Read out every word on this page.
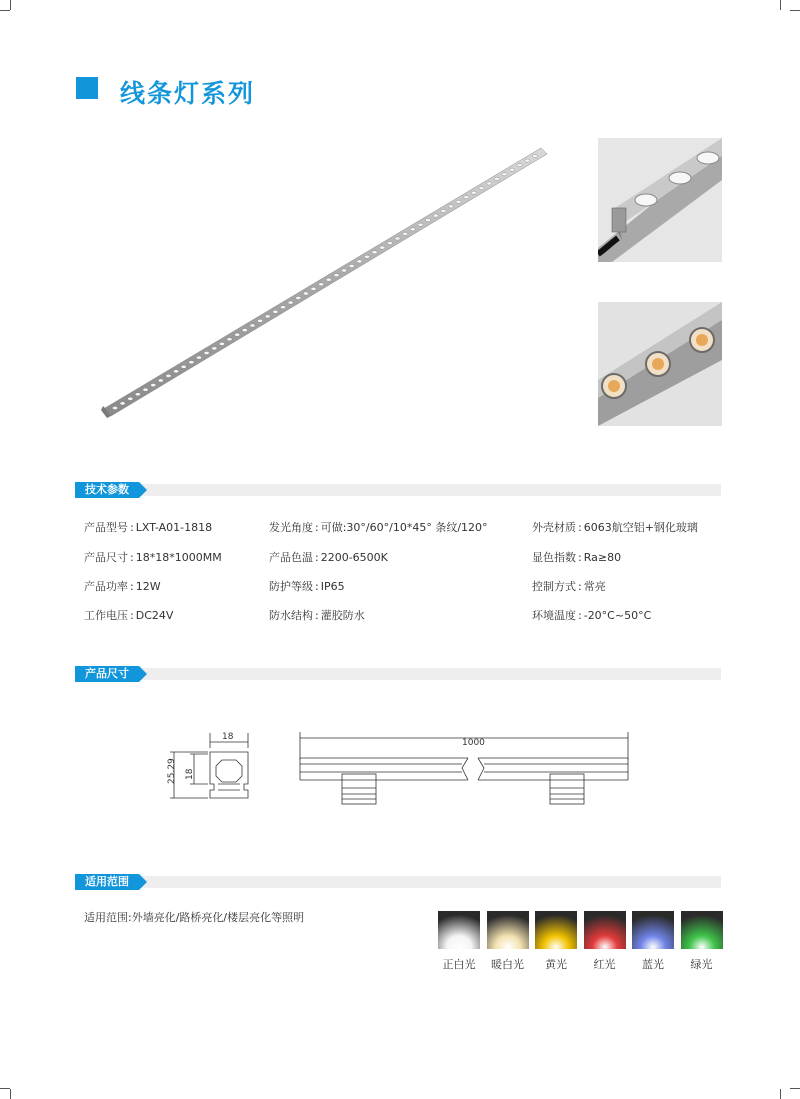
线条灯系列
技术参数
产品型号 : LXT-A01-1818	发光角度 : 可做:30°/60°/10*45° 条纹/120°	外壳材质 : 6063航空铝+钢化玻璃
产品尺寸 : 18*18*1000MM	产品色温 : 2200-6500K	显色指数 : Ra≥80
产品功率 : 12W	防护等级 : IP65	控制方式 : 常亮
工作电压 : DC24V	防水结构 : 灌胶防水	环境温度 : -20°C~50°C
产品尺寸
18
25.29 18
1000
适用范围
适用范围:外墙亮化/路桥亮化/楼层亮化等照明
正白光	暖白光	黄光	红光	蓝光	绿光
